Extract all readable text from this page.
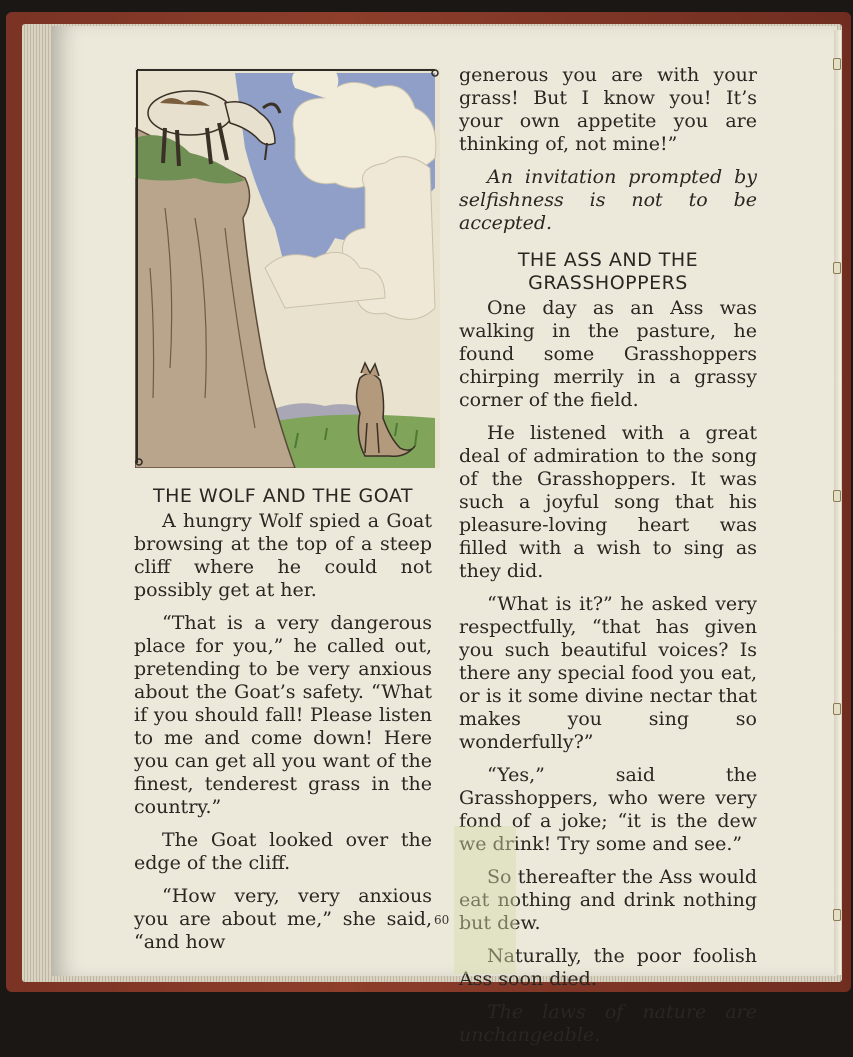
THE WOLF AND THE GOAT

A hungry Wolf spied a Goat browsing at the top of a steep cliff where he could not possibly get at her.

“That is a very dangerous place for you,” he called out, pretending to be very anxious about the Goat’s safety. “What if you should fall! Please listen to me and come down! Here you can get all you want of the finest, tenderest grass in the country.”

The Goat looked over the edge of the cliff.

“How very, very anxious you are about me,” she said, “and how

generous you are with your grass! But I know you! It’s your own appetite you are thinking of, not mine!”

An invitation prompted by selfishness is not to be accepted.

THE ASS AND THE GRASSHOPPERS

One day as an Ass was walking in the pasture, he found some Grasshoppers chirping merrily in a grassy corner of the field.

He listened with a great deal of admiration to the song of the Grasshoppers. It was such a joyful song that his pleasure-loving heart was filled with a wish to sing as they did.

“What is it?” he asked very respectfully, “that has given you such beautiful voices? Is there any special food you eat, or is it some divine nectar that makes you sing so wonderfully?”

“Yes,” said the Grasshoppers, who were very fond of a joke; “it is the dew we drink! Try some and see.”

So thereafter the Ass would eat nothing and drink nothing but dew.

Naturally, the poor foolish Ass soon died.

The laws of nature are unchangeable.

60
